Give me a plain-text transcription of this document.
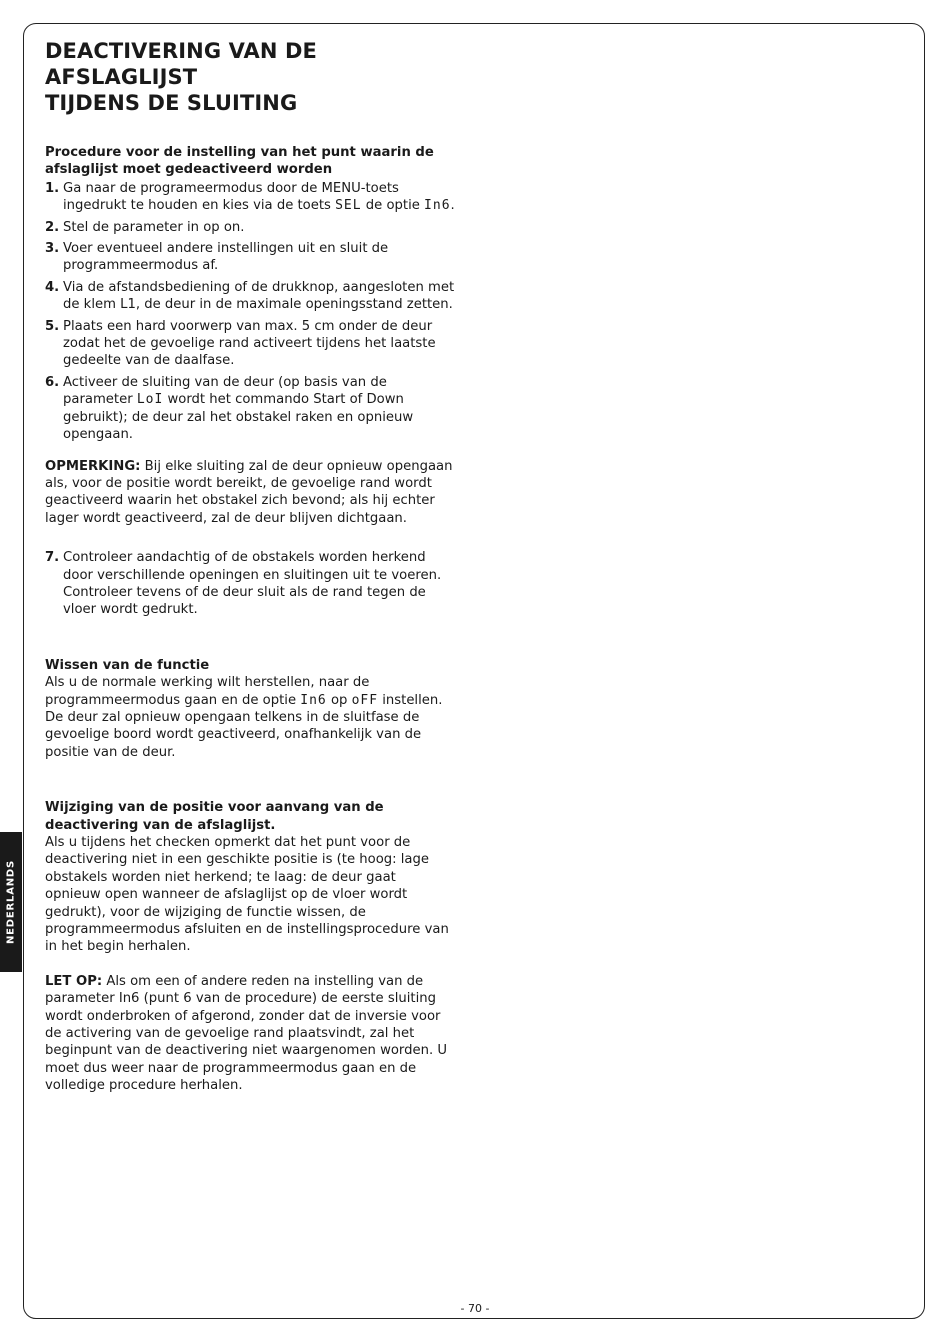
NEDERLANDS
DEACTIVERING VAN DE AFSLAGLIJST
TIJDENS DE SLUITING
Procedure voor de instelling van het punt waarin de afslaglijst moet gedeactiveerd worden
1. Ga naar de programeermodus door de MENU-toets ingedrukt te houden en kies via de toets SEL de optie In6.
2. Stel de parameter in op on.
3. Voer eventueel andere instellingen uit en sluit de programmeermodus af.
4. Via de afstandsbediening of de drukknop, aangesloten met de klem L1, de deur in de maximale openingsstand zetten.
5. Plaats een hard voorwerp van max. 5 cm onder de deur zodat het de gevoelige rand activeert tijdens het laatste gedeelte van de daalfase.
6. Activeer de sluiting van de deur (op basis van de parameter LoI wordt het commando Start of Down gebruikt); de deur zal het obstakel raken en opnieuw opengaan.

OPMERKING: Bij elke sluiting zal de deur opnieuw opengaan als, voor de positie wordt bereikt, de gevoelige rand wordt geactiveerd waarin het obstakel zich bevond; als hij echter lager wordt geactiveerd, zal de deur blijven dichtgaan.

7. Controleer aandachtig of de obstakels worden herkend door verschillende openingen en sluitingen uit te voeren. Controleer tevens of de deur sluit als de rand tegen de vloer wordt gedrukt.
Wissen van de functie

Als u de normale werking wilt herstellen, naar de programmeermodus gaan en de optie In6 op oFF instellen.

De deur zal opnieuw opengaan telkens in de sluitfase de gevoelige boord wordt geactiveerd, onafhankelijk van de positie van de deur.

Wijziging van de positie voor aanvang van de deactivering van de afslaglijst.

Als u tijdens het checken opmerkt dat het punt voor de deactivering niet in een geschikte positie is (te hoog: lage obstakels worden niet herkend; te laag: de deur gaat opnieuw open wanneer de afslaglijst op de vloer wordt gedrukt), voor de wijziging de functie wissen, de programmeermodus afsluiten en de instellingsprocedure van in het begin herhalen.

LET OP: Als om een of andere reden na instelling van de parameter In6 (punt 6 van de procedure) de eerste sluiting wordt onderbroken of afgerond, zonder dat de inversie voor de activering van de gevoelige rand plaatsvindt, zal het beginpunt van de deactivering niet waargenomen worden. U moet dus weer naar de programmeermodus gaan en de volledige procedure herhalen.

- 70 -
